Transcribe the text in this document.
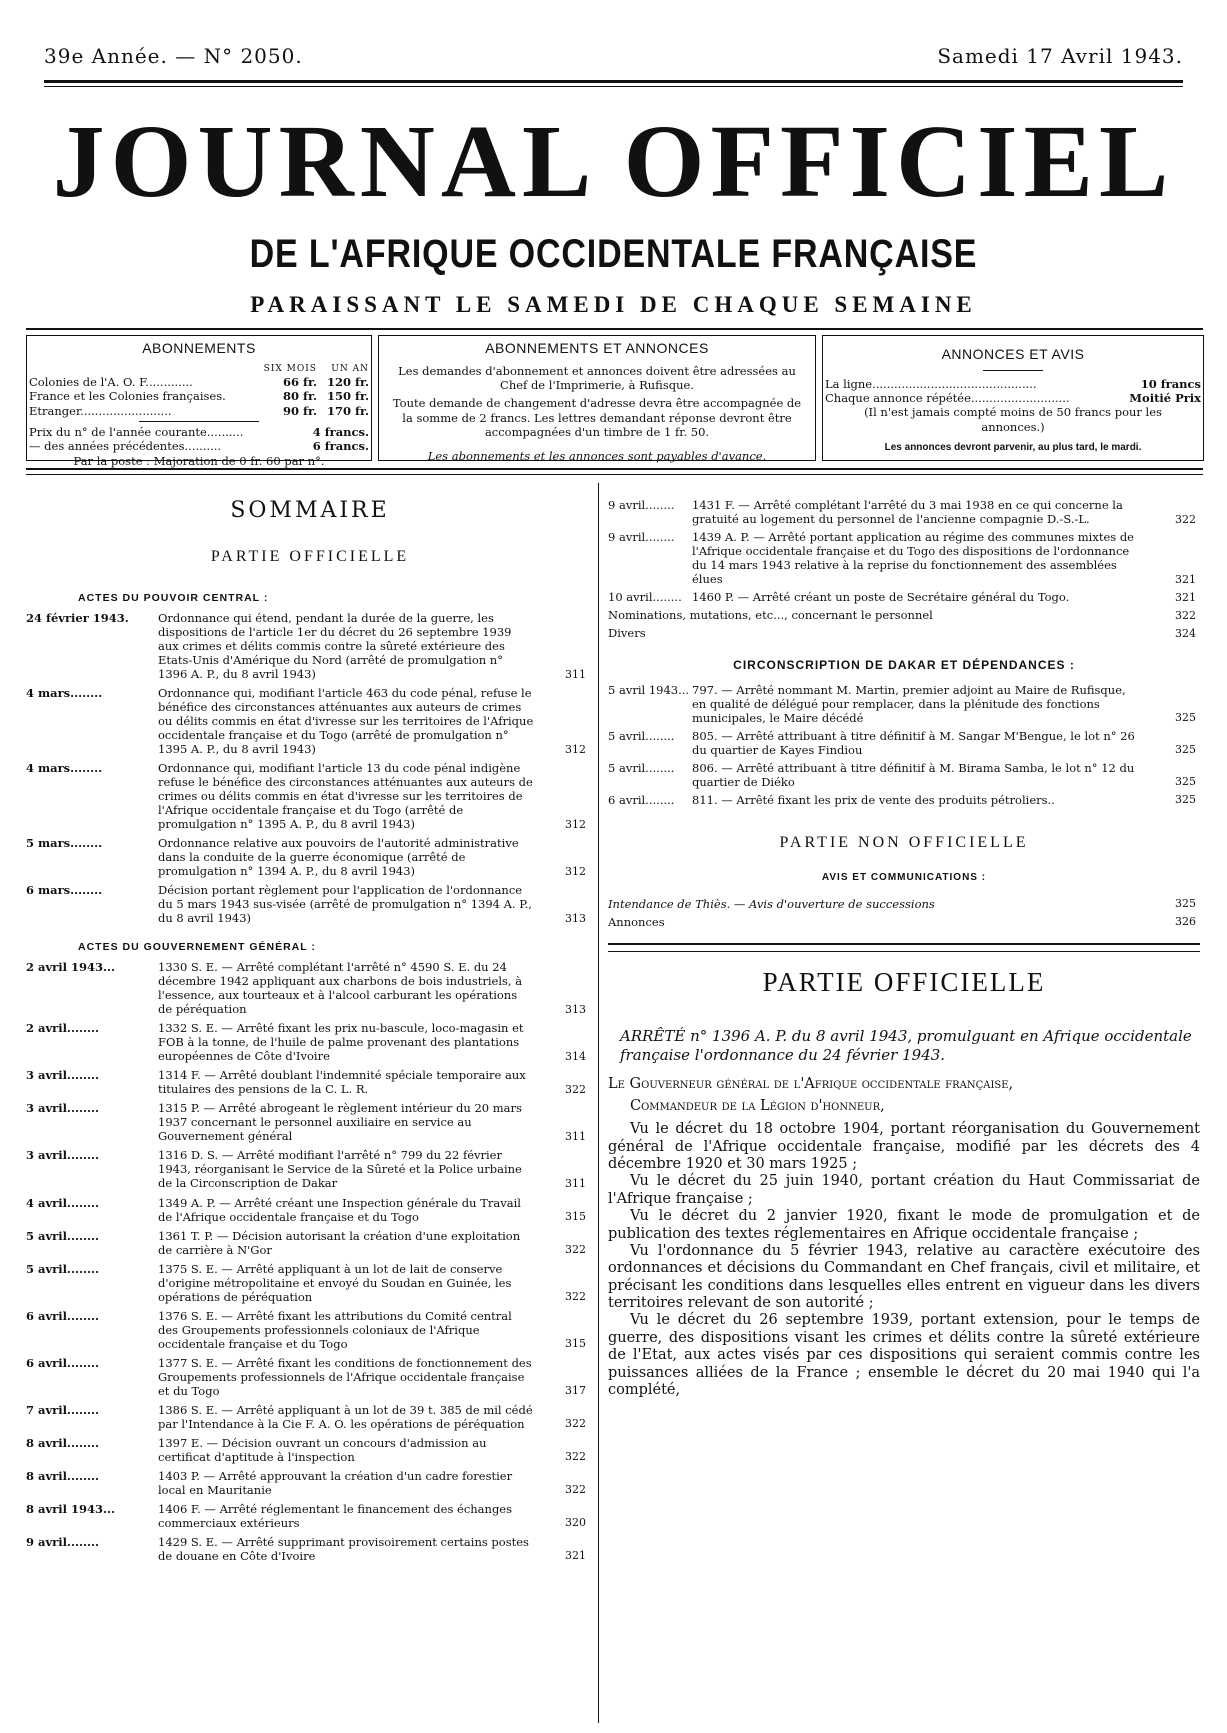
39e Année. — N° 2050.	Samedi 17 Avril 1943.
JOURNAL OFFICIEL
DE L'AFRIQUE OCCIDENTALE FRANÇAISE
PARAISSANT LE SAMEDI DE CHAQUE SEMAINE
ABONNEMENTS
	SIX MOIS	UN AN
Colonies de l'A. O. F.............	66 fr.	120 fr.
France et les Colonies françaises.	80 fr.	150 fr.
Etranger.........................	90 fr.	170 fr.
Prix du n° de l'année courante..........	4 francs.
— des années précédentes..........	6 francs.
Par la poste : Majoration de 0 fr. 60 par n°.
ABONNEMENTS ET ANNONCES

Les demandes d'abonnement et annonces doivent être adressées au Chef de l'Imprimerie, à Rufisque.

Toute demande de changement d'adresse devra être accompagnée de la somme de 2 francs. Les lettres demandant réponse devront être accompagnées d'un timbre de 1 fr. 50.

Les abonnements et les annonces sont payables d'avance.

ANNONCES ET AVIS
La ligne.............................................	10 francs
Chaque annonce répétée...........................	Moitié Prix

(Il n'est jamais compté moins de 50 francs pour les annonces.)

Les annonces devront parvenir, au plus tard, le mardi.

SOMMAIRE
PARTIE OFFICIELLE
ACTES DU POUVOIR CENTRAL :
24 février 1943.	Ordonnance qui étend, pendant la durée de la guerre, les dispositions de l'article 1er du décret du 26 septembre 1939 aux crimes et délits commis contre la sûreté extérieure des Etats-Unis d'Amérique du Nord (arrêté de promulgation n° 1396 A. P., du 8 avril 1943)	311
4 mars........	Ordonnance qui, modifiant l'article 463 du code pénal, refuse le bénéfice des circonstances atténuantes aux auteurs de crimes ou délits commis en état d'ivresse sur les territoires de l'Afrique occidentale française et du Togo (arrêté de promulgation n° 1395 A. P., du 8 avril 1943)	312
4 mars........	Ordonnance qui, modifiant l'article 13 du code pénal indigène refuse le bénéfice des circonstances atténuantes aux auteurs de crimes ou délits commis en état d'ivresse sur les territoires de l'Afrique occidentale française et du Togo (arrêté de promulgation n° 1395 A. P., du 8 avril 1943)	312
5 mars........	Ordonnance relative aux pouvoirs de l'autorité administrative dans la conduite de la guerre économique (arrêté de promulgation n° 1394 A. P., du 8 avril 1943)	312
6 mars........	Décision portant règlement pour l'application de l'ordonnance du 5 mars 1943 sus-visée (arrêté de promulgation n° 1394 A. P., du 8 avril 1943)	313
ACTES DU GOUVERNEMENT GÉNÉRAL :
2 avril 1943...	1330 S. E. — Arrêté complétant l'arrêté n° 4590 S. E. du 24 décembre 1942 appliquant aux charbons de bois industriels, à l'essence, aux tourteaux et à l'alcool carburant les opérations de péréquation	313
2 avril........	1332 S. E. — Arrêté fixant les prix nu-bascule, loco-magasin et FOB à la tonne, de l'huile de palme provenant des plantations européennes de Côte d'Ivoire	314
3 avril........	1314 F. — Arrêté doublant l'indemnité spéciale temporaire aux titulaires des pensions de la C. L. R.	322
3 avril........	1315 P. — Arrêté abrogeant le règlement intérieur du 20 mars 1937 concernant le personnel auxiliaire en service au Gouvernement général	311
3 avril........	1316 D. S. — Arrêté modifiant l'arrêté n° 799 du 22 février 1943, réorganisant le Service de la Sûreté et la Police urbaine de la Circonscription de Dakar	311
4 avril........	1349 A. P. — Arrêté créant une Inspection générale du Travail de l'Afrique occidentale française et du Togo	315
5 avril........	1361 T. P. — Décision autorisant la création d'une exploitation de carrière à N'Gor	322
5 avril........	1375 S. E. — Arrêté appliquant à un lot de lait de conserve d'origine métropolitaine et envoyé du Soudan en Guinée, les opérations de péréquation	322
6 avril........	1376 S. E. — Arrêté fixant les attributions du Comité central des Groupements professionnels coloniaux de l'Afrique occidentale française et du Togo	315
6 avril........	1377 S. E. — Arrêté fixant les conditions de fonctionnement des Groupements professionnels de l'Afrique occidentale française et du Togo	317
7 avril........	1386 S. E. — Arrêté appliquant à un lot de 39 t. 385 de mil cédé par l'Intendance à la Cie F. A. O. les opérations de péréquation	322
8 avril........	1397 E. — Décision ouvrant un concours d'admission au certificat d'aptitude à l'inspection	322
8 avril........	1403 P. — Arrêté approuvant la création d'un cadre forestier local en Mauritanie	322
8 avril 1943...	1406 F. — Arrêté réglementant le financement des échanges commerciaux extérieurs	320
9 avril........	1429 S. E. — Arrêté supprimant provisoirement certains postes de douane en Côte d'Ivoire	321
9 avril........	1431 F. — Arrêté complétant l'arrêté du 3 mai 1938 en ce qui concerne la gratuité au logement du personnel de l'ancienne compagnie D.-S.-L.	322
9 avril........	1439 A. P. — Arrêté portant application au régime des communes mixtes de l'Afrique occidentale française et du Togo des dispositions de l'ordonnance du 14 mars 1943 relative à la reprise du fonctionnement des assemblées élues	321
10 avril........ 1460 P. — Arrêté créant un poste de Secrétaire général du Togo.	321
Nominations, mutations, etc..., concernant le personnel	322
Divers	324
CIRCONSCRIPTION DE DAKAR ET DÉPENDANCES :
5 avril 1943... 797. — Arrêté nommant M. Martin, premier adjoint au Maire de Rufisque, en qualité de délégué pour remplacer, dans la plénitude des fonctions municipales, le Maire décédé	325
5 avril........	805. — Arrêté attribuant à titre définitif à M. Sangar M'Bengue, le lot n° 26 du quartier de Kayes Findiou	325
5 avril........	806. — Arrêté attribuant à titre définitif à M. Birama Samba, le lot n° 12 du quartier de Diéko	325
6 avril........	811. — Arrêté fixant les prix de vente des produits pétroliers..	325
PARTIE NON OFFICIELLE
AVIS ET COMMUNICATIONS :
Intendance de Thiès. — Avis d'ouverture de successions	325
Annonces	326
PARTIE OFFICIELLE

ARRÊTÉ n° 1396 A. P. du 8 avril 1943, promulguant en Afrique occidentale française l'ordonnance du 24 février 1943.

Le Gouverneur général de l'Afrique occidentale française,
Commandeur de la Légion d'honneur,

Vu le décret du 18 octobre 1904, portant réorganisation du Gouvernement général de l'Afrique occidentale française, modifié par les décrets des 4 décembre 1920 et 30 mars 1925 ;

Vu le décret du 25 juin 1940, portant création du Haut Commissariat de l'Afrique française ;

Vu le décret du 2 janvier 1920, fixant le mode de promulgation et de publication des textes réglementaires en Afrique occidentale française ;

Vu l'ordonnance du 5 février 1943, relative au caractère exécutoire des ordonnances et décisions du Commandant en Chef français, civil et militaire, et précisant les conditions dans lesquelles elles entrent en vigueur dans les divers territoires relevant de son autorité ;

Vu le décret du 26 septembre 1939, portant extension, pour le temps de guerre, des dispositions visant les crimes et délits contre la sûreté extérieure de l'Etat, aux actes visés par ces dispositions qui seraient commis contre les puissances alliées de la France ; ensemble le décret du 20 mai 1940 qui l'a complété,
